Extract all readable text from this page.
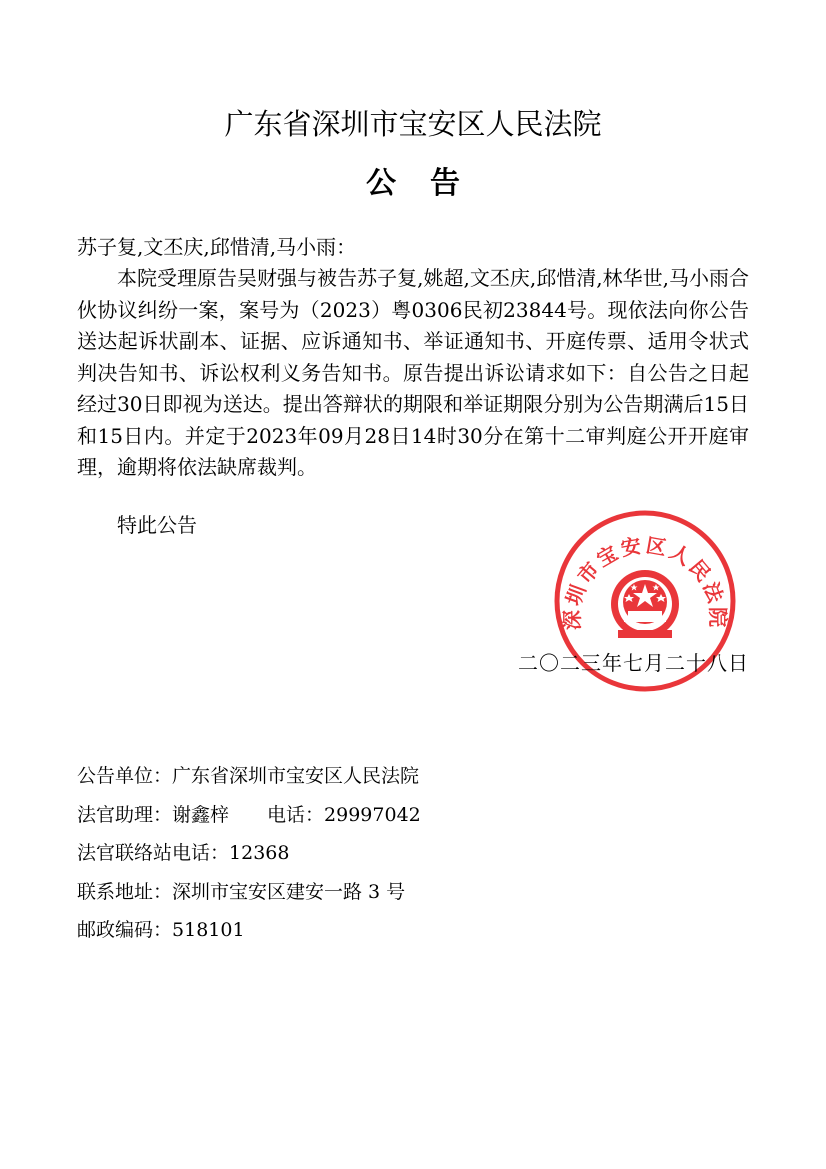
广东省深圳市宝安区人民法院
公告
苏子复,文丕庆,邱惜清,马小雨：
本院受理原告吴财强与被告苏子复,姚超,文丕庆,邱惜清,林华世,马小雨合伙协议纠纷一案，案号为（2023）粤0306民初23844号。现依法向你公告送达起诉状副本、证据、应诉通知书、举证通知书、开庭传票、适用令状式判决告知书、诉讼权利义务告知书。原告提出诉讼请求如下：自公告之日起经过30日即视为送达。提出答辩状的期限和举证期限分别为公告期满后15日和15日内。并定于2023年09月28日14时30分在第十二审判庭公开开庭审理，逾期将依法缺席裁判。
特此公告
深圳市宝安区人民法院
二〇二三年七月二十八日
公告单位：广东省深圳市宝安区人民法院
法官助理：谢鑫梓 电话：29997042
法官联络站电话：12368
联系地址：深圳市宝安区建安一路 3 号
邮政编码：518101
